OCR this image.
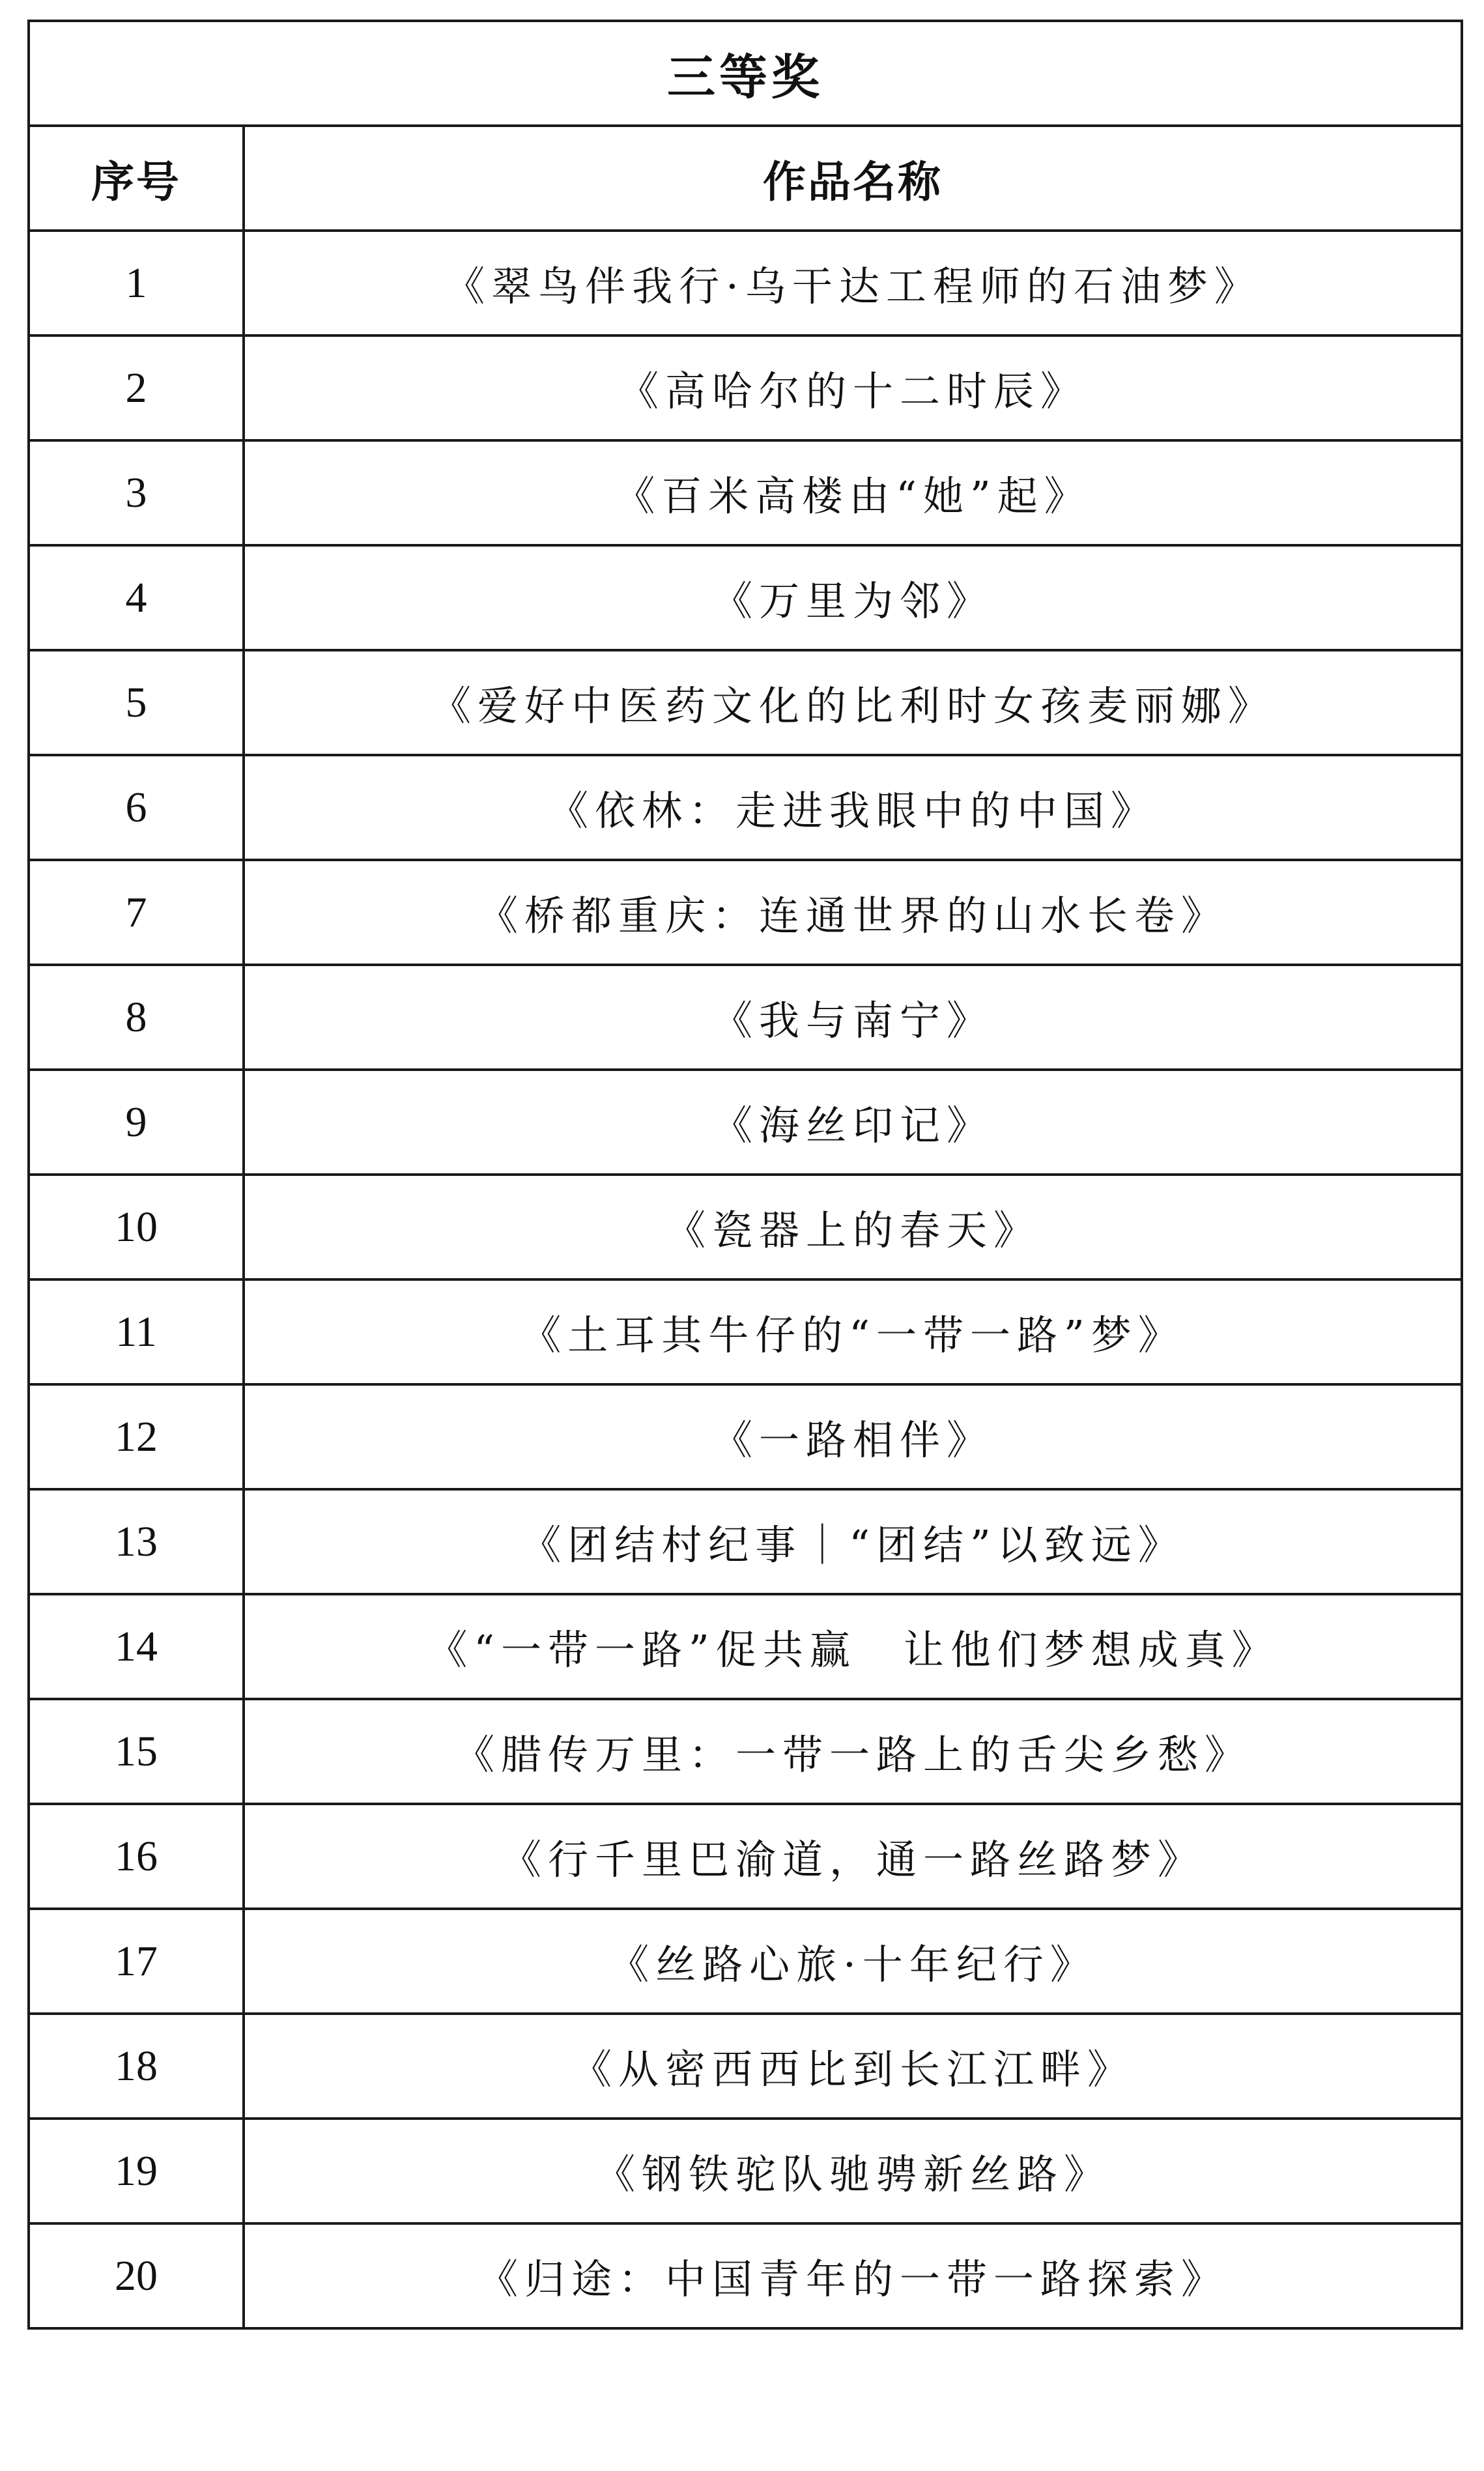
三等奖	
序号	作品名称
1	《翠鸟伴我行·乌干达工程师的石油梦》
2	《高哈尔的十二时辰》
3	《百米高楼由“她”起》
4	《万里为邻》
5	《爱好中医药文化的比利时女孩麦丽娜》
6	《依林：走进我眼中的中国》
7	《桥都重庆：连通世界的山水长卷》
8	《我与南宁》
9	《海丝印记》
10	《瓷器上的春天》
11	《土耳其牛仔的“一带一路”梦》
12	《一路相伴》
13	《团结村纪事｜“团结”以致远》
14	《“一带一路”促共赢　让他们梦想成真》
15	《腊传万里：一带一路上的舌尖乡愁》
16	《行千里巴渝道，通一路丝路梦》
17	《丝路心旅·十年纪行》
18	《从密西西比到长江江畔》
19	《钢铁驼队驰骋新丝路》
20	《归途：中国青年的一带一路探索》
